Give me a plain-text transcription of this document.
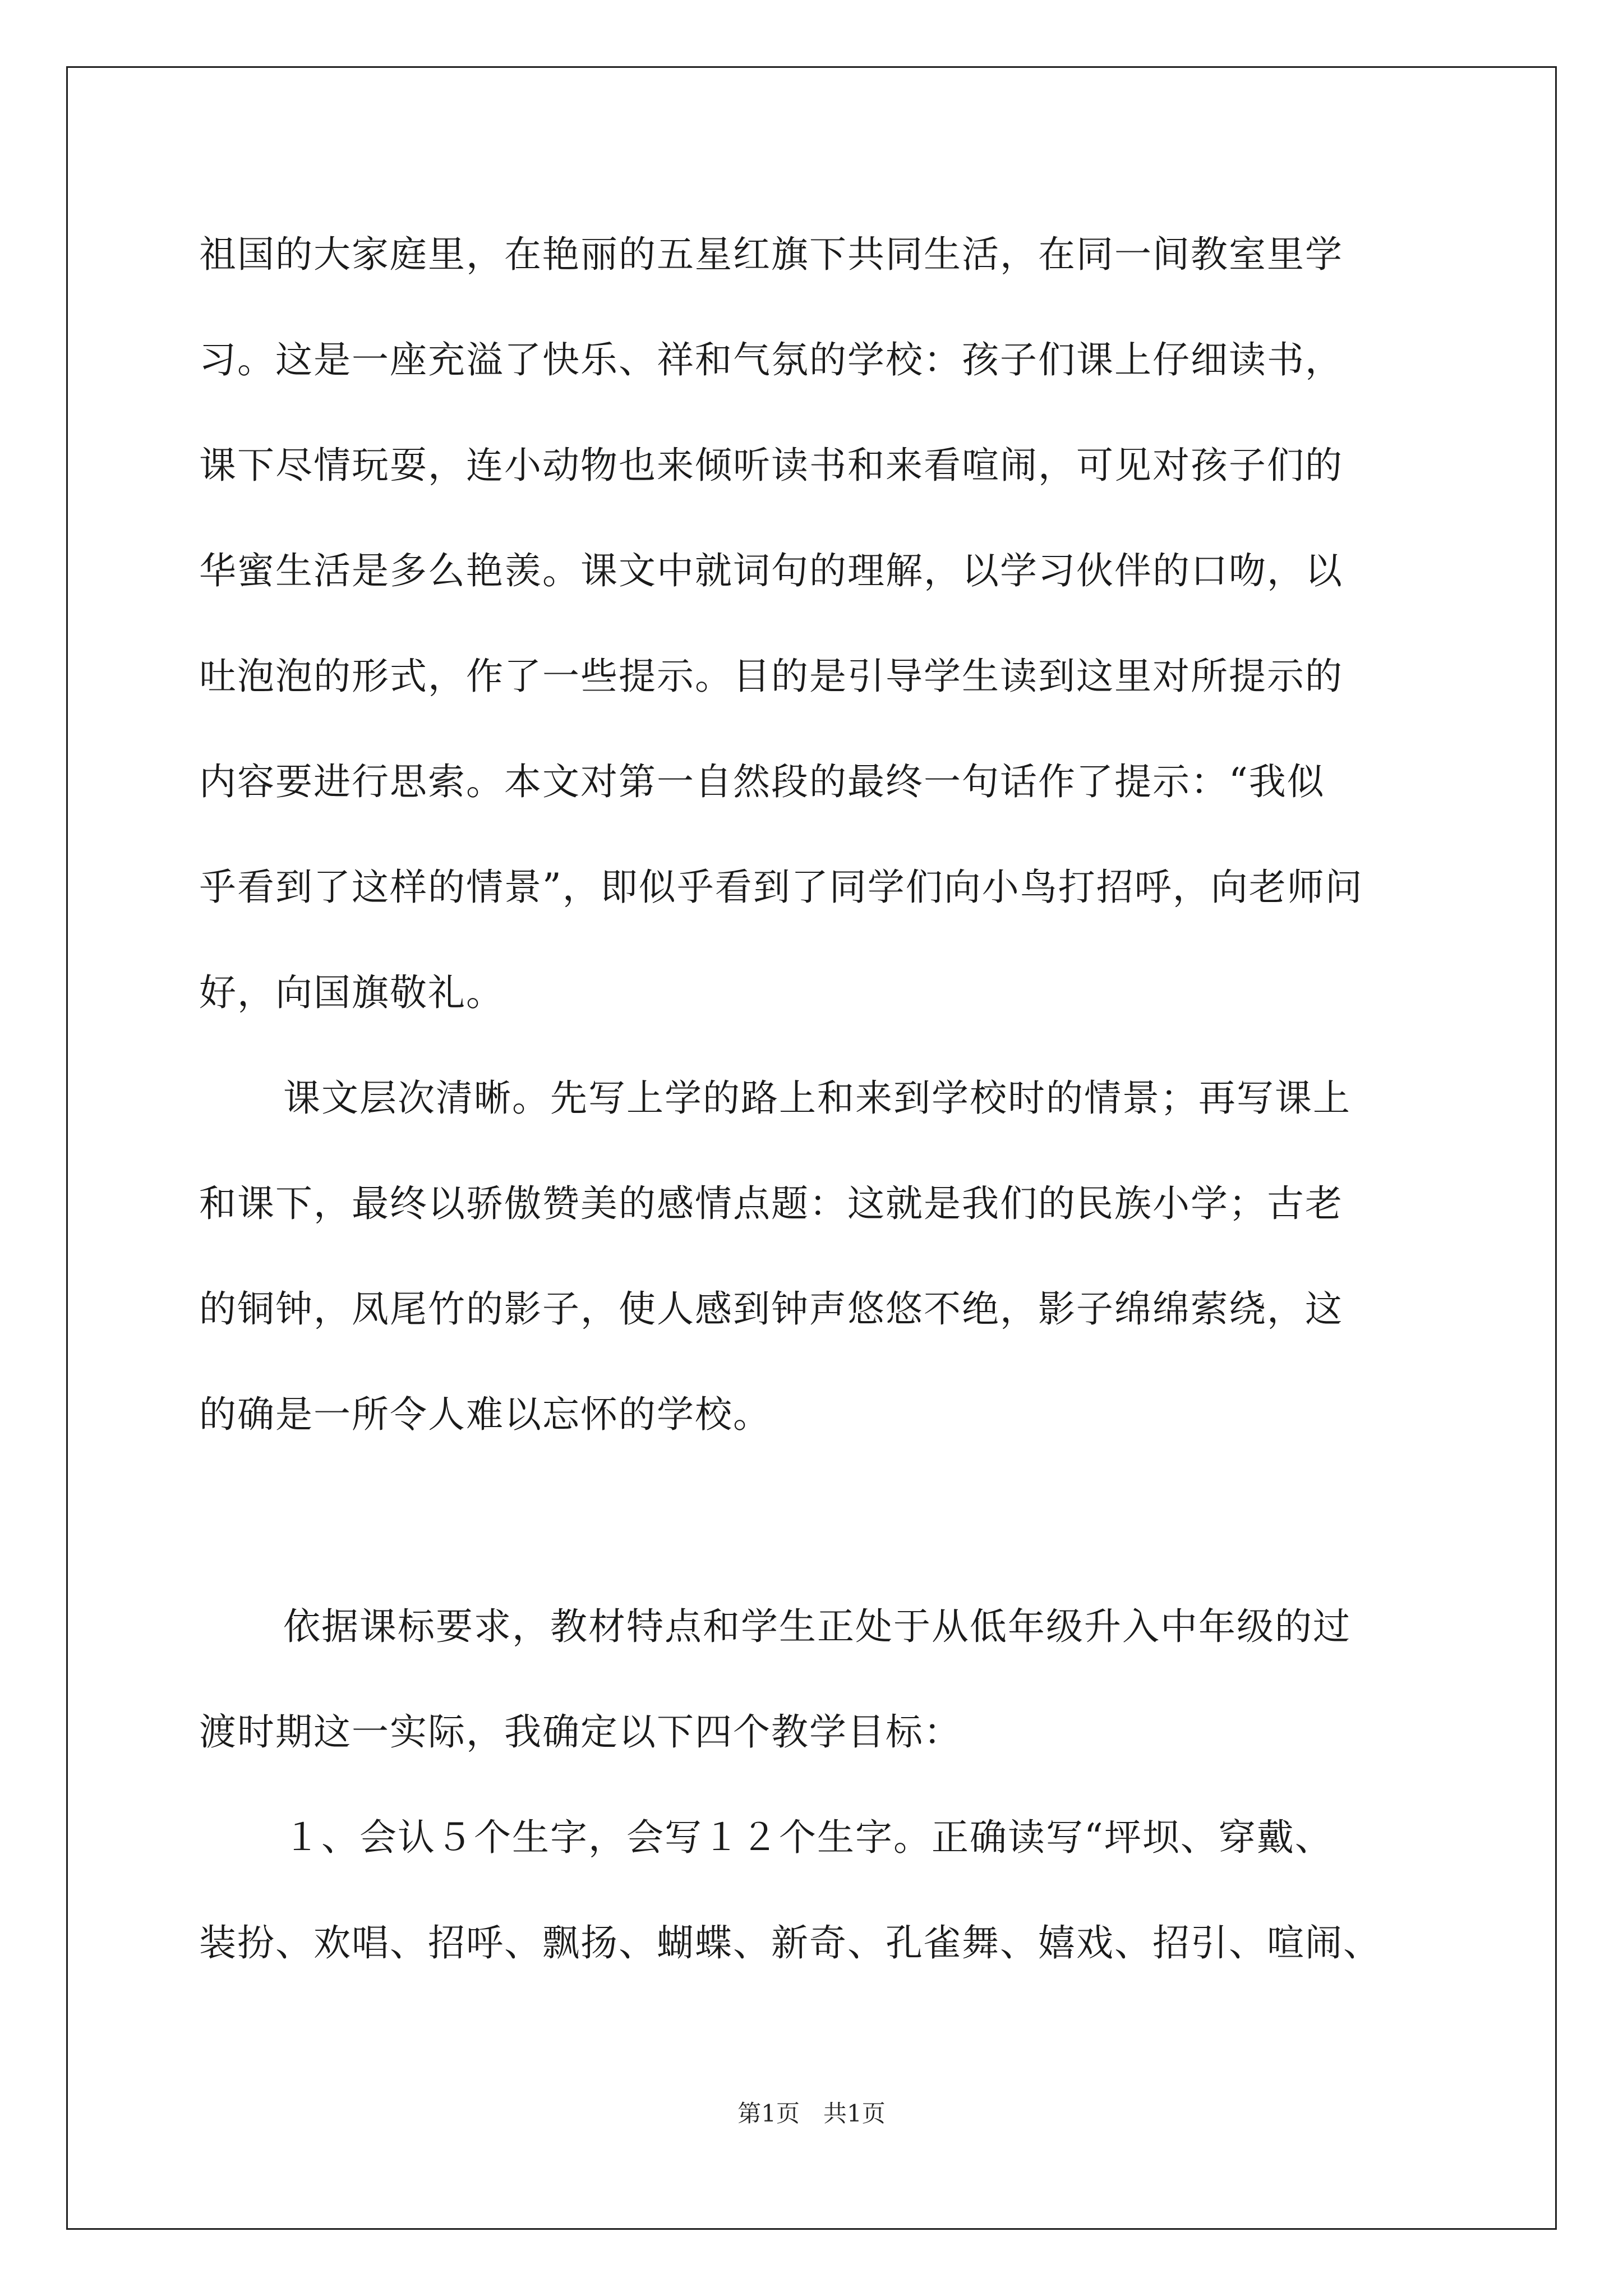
祖国的大家庭里，在艳丽的五星红旗下共同生活，在同一间教室里学
习。这是一座充溢了快乐、祥和气氛的学校：孩子们课上仔细读书，
课下尽情玩耍，连小动物也来倾听读书和来看喧闹，可见对孩子们的
华蜜生活是多么艳羡。课文中就词句的理解，以学习伙伴的口吻，以
吐泡泡的形式，作了一些提示。目的是引导学生读到这里对所提示的
内容要进行思索。本文对第一自然段的最终一句话作了提示：“我似
乎看到了这样的情景”，即似乎看到了同学们向小鸟打招呼，向老师问
好，向国旗敬礼。

课文层次清晰。先写上学的路上和来到学校时的情景；再写课上
和课下，最终以骄傲赞美的感情点题：这就是我们的民族小学；古老
的铜钟，凤尾竹的影子，使人感到钟声悠悠不绝，影子绵绵萦绕，这
的确是一所令人难以忘怀的学校。

依据课标要求，教材特点和学生正处于从低年级升入中年级的过
渡时期这一实际，我确定以下四个教学目标：

１、会认５个生字，会写１２个生字。正确读写“坪坝、穿戴、
装扮、欢唱、招呼、飘扬、蝴蝶、新奇、孔雀舞、嬉戏、招引、喧闹、

第1页　共1页
